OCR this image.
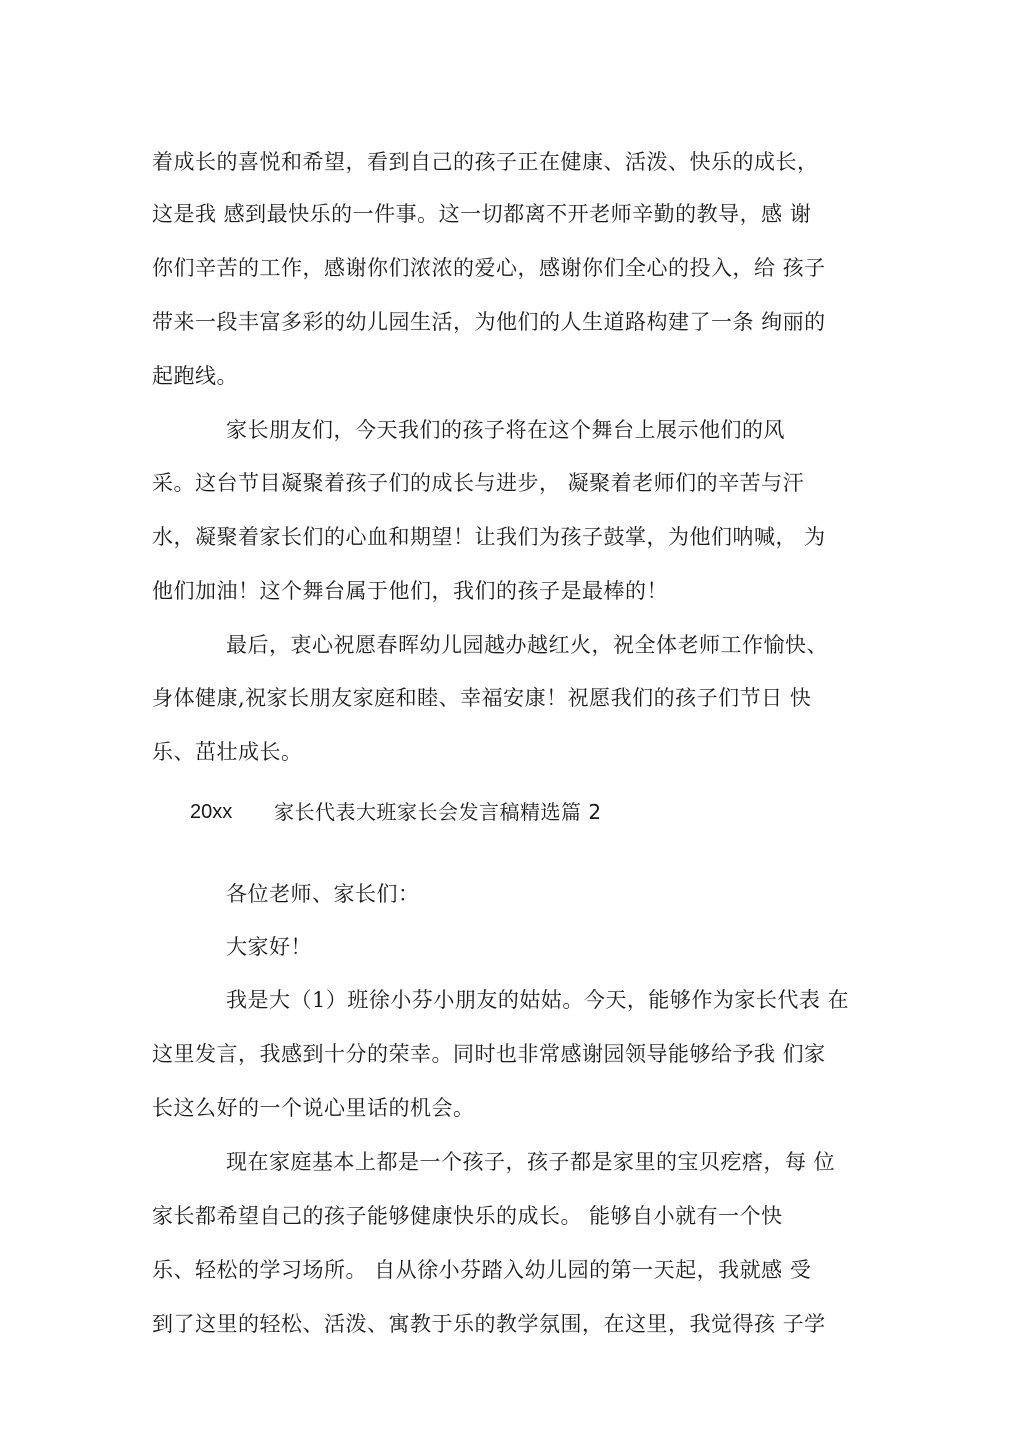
着成长的喜悦和希望，看到自己的孩子正在健康、活泼、快乐的成长，
这是我 感到最快乐的一件事。这一切都离不开老师辛勤的教导，感 谢
你们辛苦的工作，感谢你们浓浓的爱心，感谢你们全心的投入，给 孩子
带来一段丰富多彩的幼儿园生活，为他们的人生道路构建了一条 绚丽的
起跑线。
家长朋友们，今天我们的孩子将在这个舞台上展示他们的风
采。这台节目凝聚着孩子们的成长与进步， 凝聚着老师们的辛苦与汗
水，凝聚着家长们的心血和期望！让我们为孩子鼓掌，为他们呐喊， 为
他们加油！这个舞台属于他们，我们的孩子是最棒的！
最后，衷心祝愿春晖幼儿园越办越红火，祝全体老师工作愉快、
身体健康,祝家长朋友家庭和睦、幸福安康！祝愿我们的孩子们节日 快
乐、茁壮成长。
20xx 家长代表大班家长会发言稿精选篇 2
各位老师、家长们：
大家好！
我是大（1）班徐小芬小朋友的姑姑。今天，能够作为家长代表 在
这里发言，我感到十分的荣幸。同时也非常感谢园领导能够给予我 们家
长这么好的一个说心里话的机会。
现在家庭基本上都是一个孩子，孩子都是家里的宝贝疙瘩，每 位
家长都希望自己的孩子能够健康快乐的成长。 能够自小就有一个快
乐、轻松的学习场所。 自从徐小芬踏入幼儿园的第一天起，我就感 受
到了这里的轻松、活泼、寓教于乐的教学氛围，在这里，我觉得孩 子学
